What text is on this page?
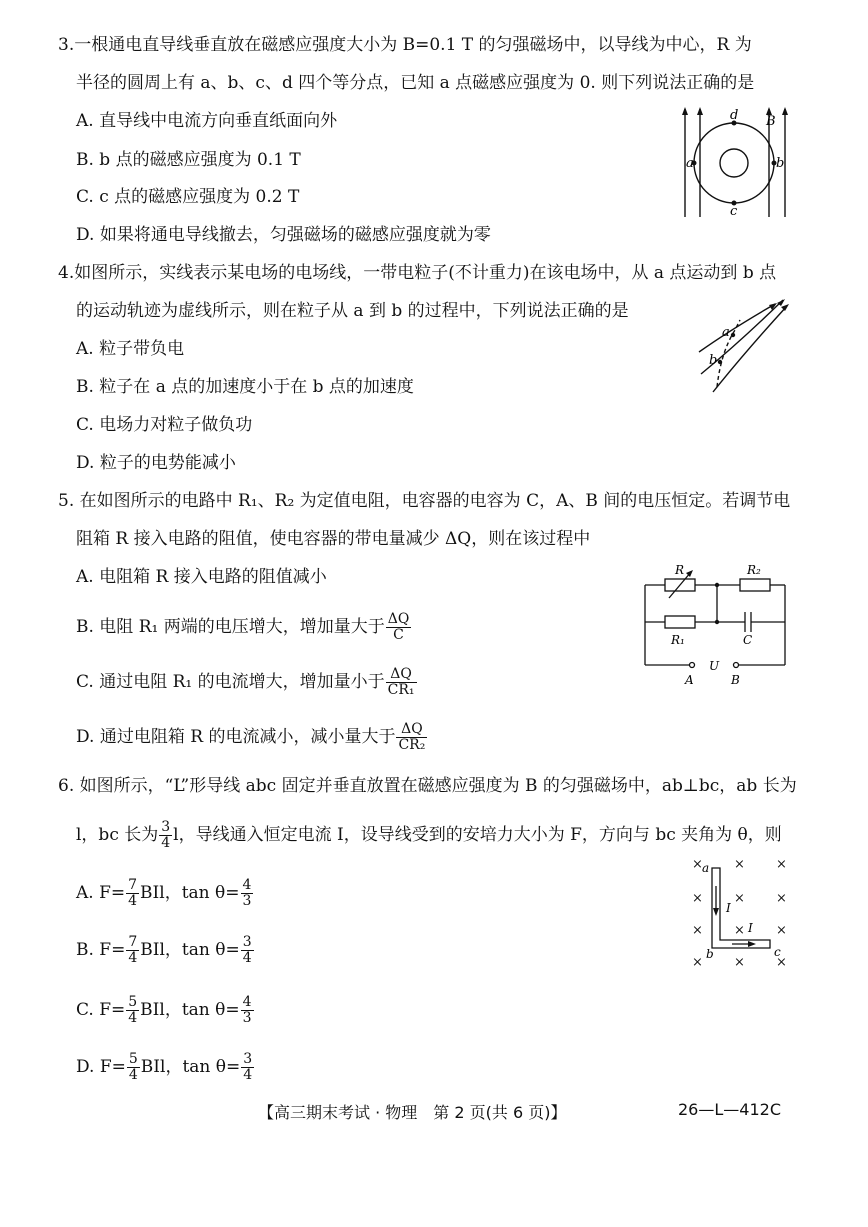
3.一根通电直导线垂直放在磁感应强度大小为 B=0.1 T 的匀强磁场中，以导线为中心，R 为
半径的圆周上有 a、b、c、d 四个等分点，已知 a 点磁感应强度为 0. 则下列说法正确的是
A. 直导线中电流方向垂直纸面向外
B. b 点的磁感应强度为 0.1 T
C. c 点的磁感应强度为 0.2 T
D. 如果将通电导线撤去，匀强磁场的磁感应强度就为零
a	b
c
d B
4.如图所示，实线表示某电场的电场线，一带电粒子(不计重力)在该电场中，从 a 点运动到 b 点
的运动轨迹为虚线所示，则在粒子从 a 到 b 的过程中，下列说法正确的是
A. 粒子带负电
B. 粒子在 a 点的加速度小于在 b 点的加速度
C. 电场力对粒子做负功
D. 粒子的电势能减小
a
b
5. 在如图所示的电路中 R₁、R₂ 为定值电阻，电容器的电容为 C，A、B 间的电压恒定。若调节电
阻箱 R 接入电路的阻值，使电容器的带电量减少 ΔQ，则在该过程中
A. 电阻箱 R 接入电路的阻值减小
B. 电阻 R₁ 两端的电压增大，增加量大于 $\frac{\Delta Q}{C}$
C. 通过电阻 R₁ 的电流增大，增加量小于 $\frac{\Delta Q}{\text{CR₁}}$
D. 通过电阻箱 R 的电流减小，减小量大于 $\frac{\Delta Q}{\text{CR₂}}$
R	R₂
R₁	C
U
A	B
6. 如图所示，“L”形导线 abc 固定并垂直放置在磁感应强度为 B 的匀强磁场中，ab⊥bc，ab 长为
l，bc 长为 $\frac{3}{4}$ l，导线通入恒定电流 I，设导线受到的安培力大小为 F，方向与 bc 夹角为 θ，则
A. $F= \frac{7}{4}$ BIl，$\tan \theta= \frac{4}{3}$
B. $F= \frac{7}{4}$ BIl，$\tan \theta= \frac{3}{4}$
C. $F= \frac{5}{4}$ BIl，$\tan \theta= \frac{4}{3}$
D. $F= \frac{5}{4}$ BIl，$\tan \theta= \frac{3}{4}$
× × ×
× × ×
× × ×
× × ×
a
b	c
I
I
【高三期末考试 · 物理　第 2 页(共 6 页)】	26—L—412C
